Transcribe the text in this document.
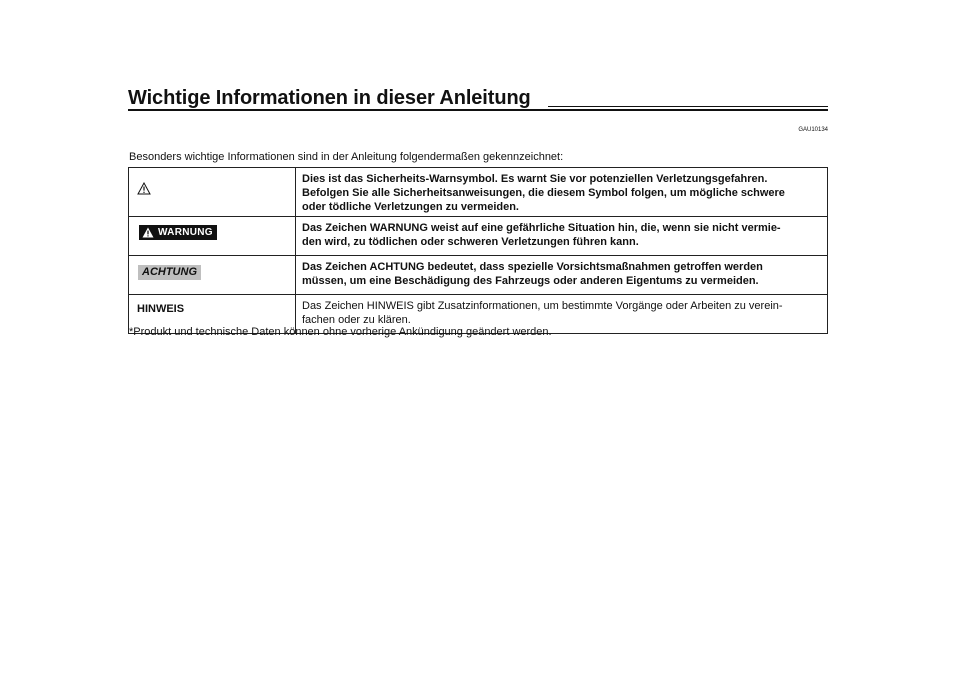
Wichtige Informationen in dieser Anleitung
GAU10134
Besonders wichtige Informationen sind in der Anleitung folgendermaßen gekennzeichnet:
Dies ist das Sicherheits-Warnsymbol. Es warnt Sie vor potenziellen Verletzungsgefahren.
Befolgen Sie alle Sicherheitsanweisungen, die diesem Symbol folgen, um mögliche schwere
oder tödliche Verletzungen zu vermeiden.
WARNUNG	Das Zeichen WARNUNG weist auf eine gefährliche Situation hin, die, wenn sie nicht vermie-
den wird, zu tödlichen oder schweren Verletzungen führen kann.
ACHTUNG	Das Zeichen ACHTUNG bedeutet, dass spezielle Vorsichtsmaßnahmen getroffen werden
müssen, um eine Beschädigung des Fahrzeugs oder anderen Eigentums zu vermeiden.
HINWEIS	Das Zeichen HINWEIS gibt Zusatzinformationen, um bestimmte Vorgänge oder Arbeiten zu verein-
fachen oder zu klären.
*Produkt und technische Daten können ohne vorherige Ankündigung geändert werden.
